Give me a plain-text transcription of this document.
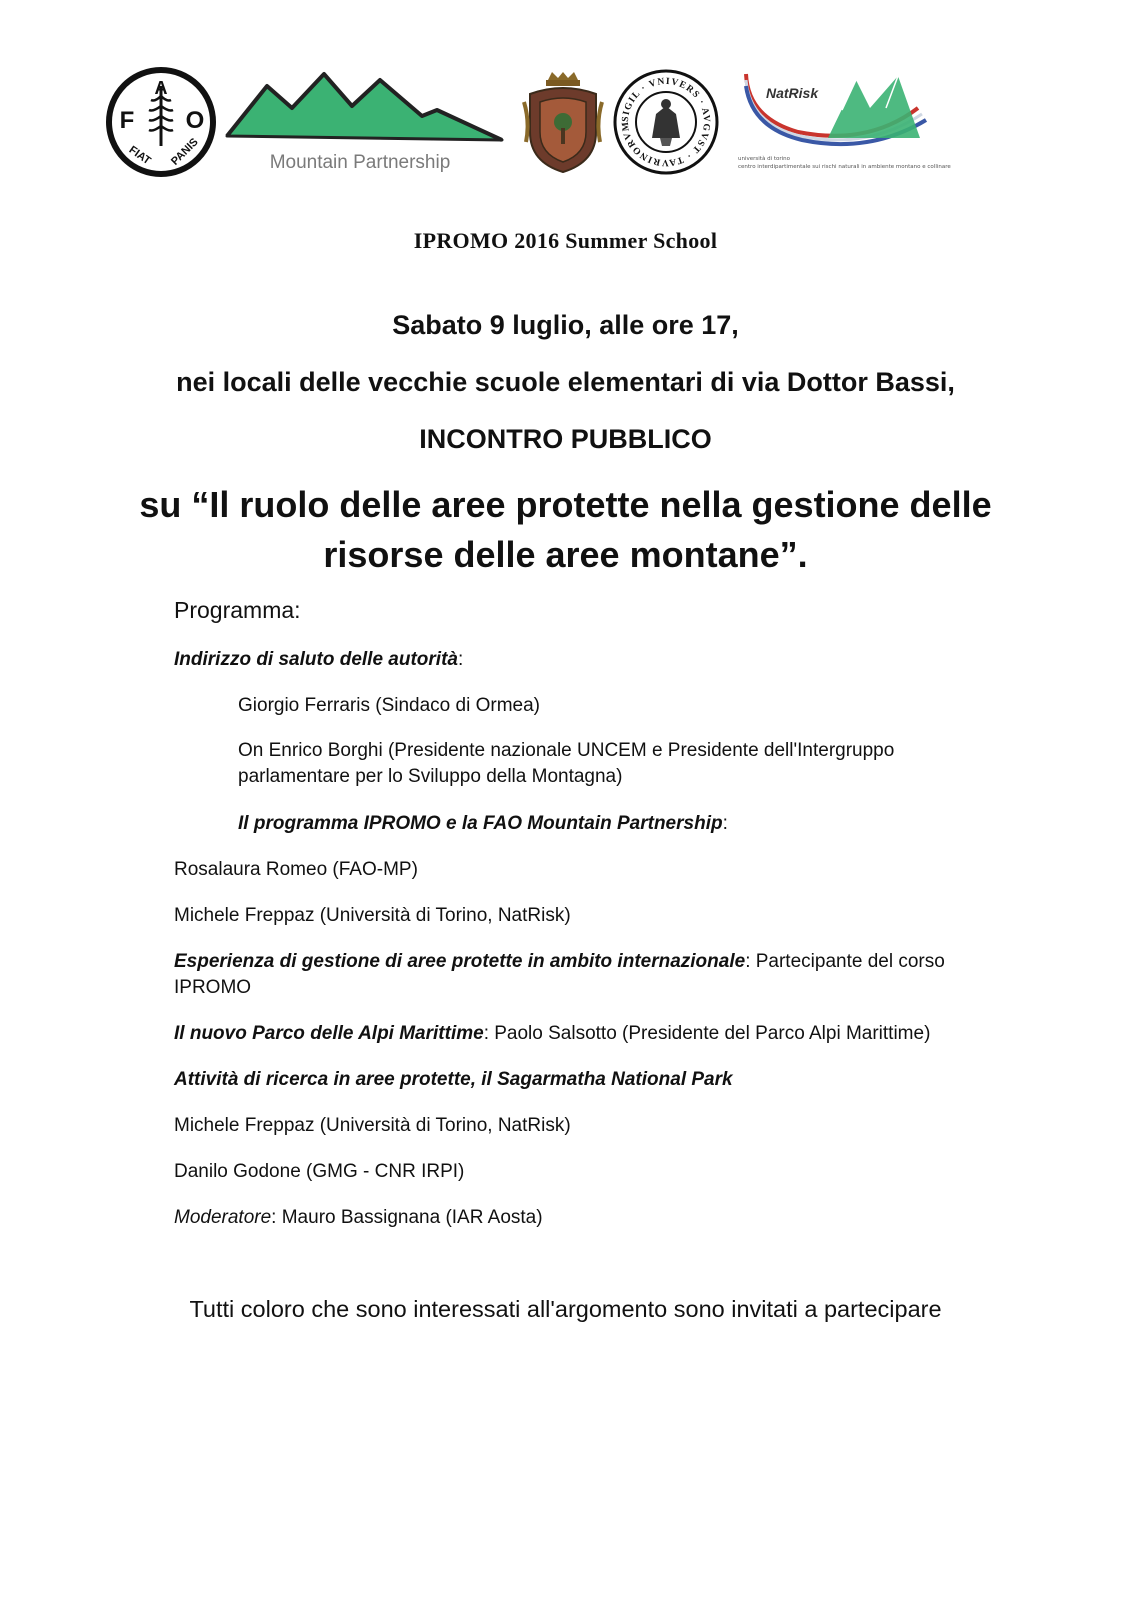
A
F O
FIAT PANIS	Mountain Partnership
SIGIL · VNIVERS · AVGVST · TAVRINORVM
NatRisk
università di torino
centro interdipartimentale sui rischi naturali in ambiente montano e collinare
IPROMO 2016 Summer School
Sabato 9 luglio, alle ore 17,
nei locali delle vecchie scuole elementari di via Dottor Bassi,
INCONTRO PUBBLICO
su “Il ruolo delle aree protette nella gestione delle
risorse delle aree montane”.
Programma:
Indirizzo di saluto delle autorità:
Giorgio Ferraris (Sindaco di Ormea)
On Enrico Borghi (Presidente nazionale UNCEM e Presidente dell'Intergruppo
parlamentare per lo Sviluppo della Montagna)
Il programma IPROMO e la FAO Mountain Partnership:
Rosalaura Romeo (FAO-MP)
Michele Freppaz (Università di Torino, NatRisk)
Esperienza di gestione di aree protette in ambito internazionale: Partecipante del corso
IPROMO
Il nuovo Parco delle Alpi Marittime: Paolo Salsotto (Presidente del Parco Alpi Marittime)
Attività di ricerca in aree protette, il Sagarmatha National Park
Michele Freppaz (Università di Torino, NatRisk)
Danilo Godone (GMG - CNR IRPI)
Moderatore: Mauro Bassignana (IAR Aosta)
Tutti coloro che sono interessati all'argomento sono invitati a partecipare
